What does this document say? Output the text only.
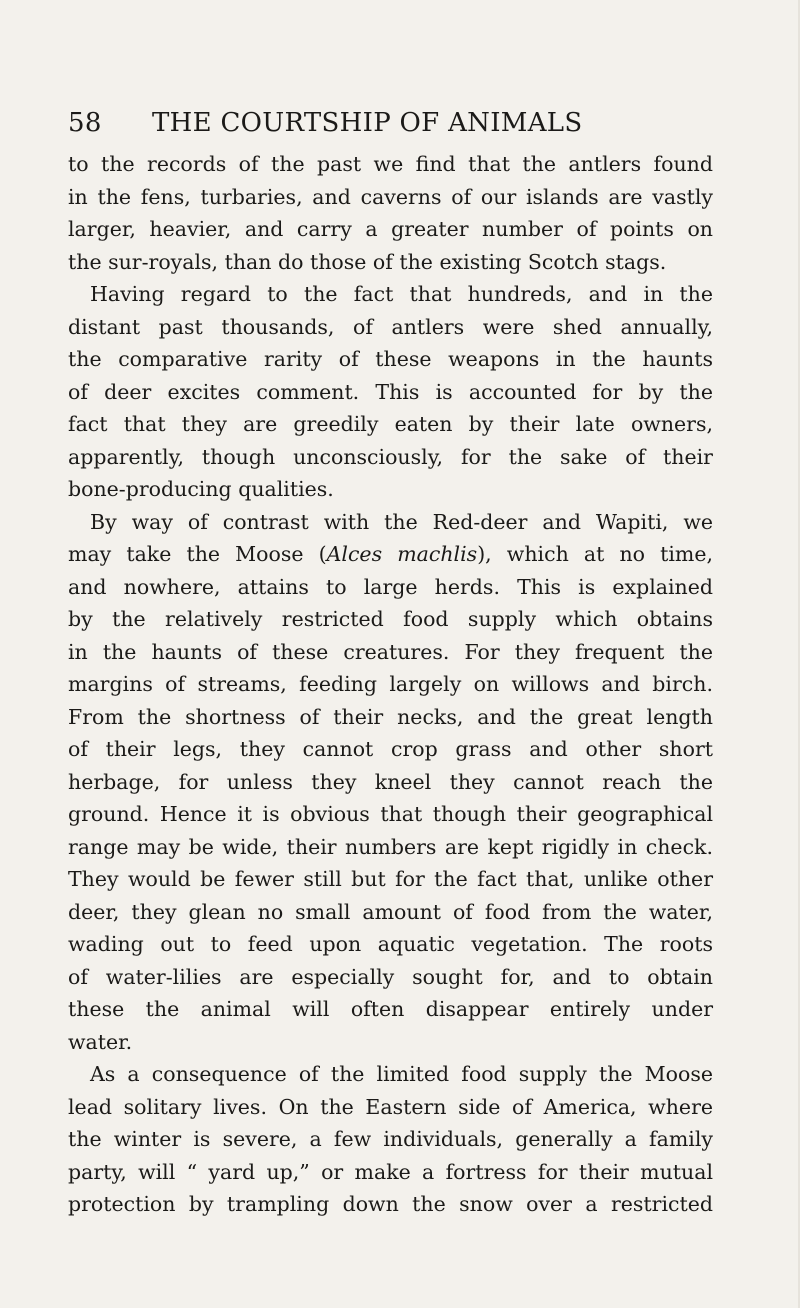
58 THE COURTSHIP OF ANIMALS

to the records of the past we find that the antlers found
in the fens, turbaries, and caverns of our islands are vastly
larger, heavier, and carry a greater number of points on
the sur-royals, than do those of the existing Scotch stags.

Having regard to the fact that hundreds, and in the
distant past thousands, of antlers were shed annually,
the comparative rarity of these weapons in the haunts
of deer excites comment. This is accounted for by the
fact that they are greedily eaten by their late owners,
apparently, though unconsciously, for the sake of their
bone-producing qualities.

By way of contrast with the Red-deer and Wapiti, we
may take the Moose (Alces machlis), which at no time,
and nowhere, attains to large herds. This is explained
by the relatively restricted food supply which obtains
in the haunts of these creatures. For they frequent the
margins of streams, feeding largely on willows and birch.
From the shortness of their necks, and the great length
of their legs, they cannot crop grass and other short
herbage, for unless they kneel they cannot reach the
ground. Hence it is obvious that though their geographical
range may be wide, their numbers are kept rigidly in check.
They would be fewer still but for the fact that, unlike other
deer, they glean no small amount of food from the water,
wading out to feed upon aquatic vegetation. The roots
of water-lilies are especially sought for, and to obtain
these the animal will often disappear entirely under
water.

As a consequence of the limited food supply the Moose
lead solitary lives. On the Eastern side of America, where
the winter is severe, a few individuals, generally a family
party, will “ yard up,” or make a fortress for their mutual
protection by trampling down the snow over a restricted
